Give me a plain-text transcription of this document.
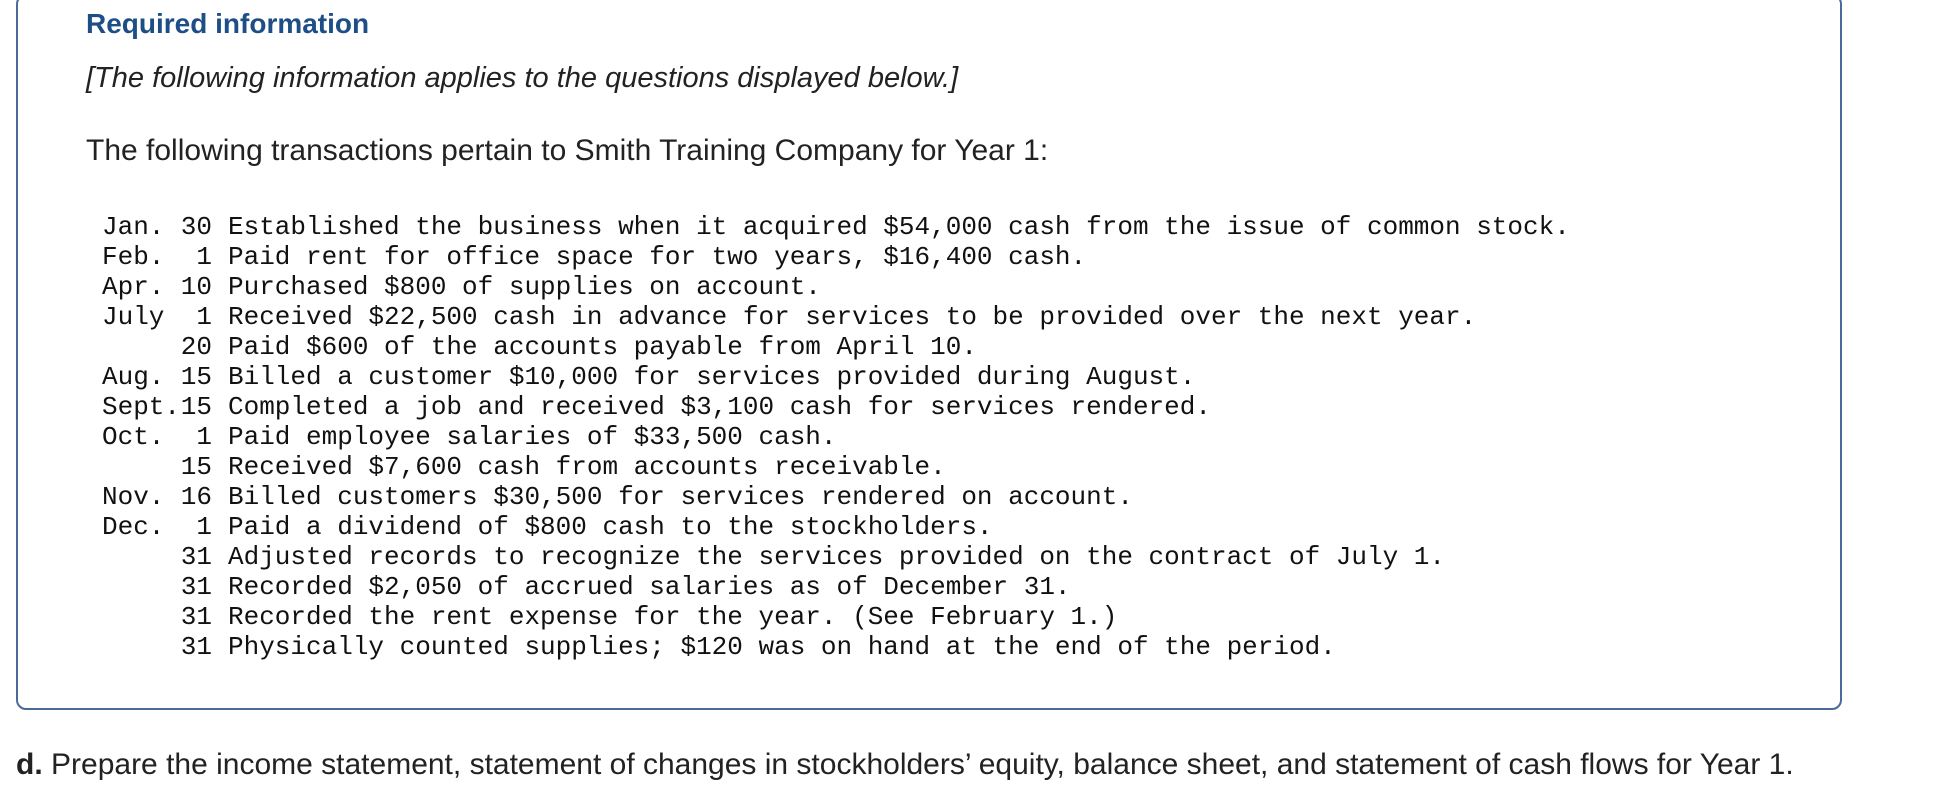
Required information

[The following information applies to the questions displayed below.]

The following transactions pertain to Smith Training Company for Year 1:

Jan. 30 Established the business when it acquired $54,000 cash from the issue of common stock.
Feb. 1 Paid rent for office space for two years, $16,400 cash.
Apr. 10 Purchased $800 of supplies on account.
July 1 Received $22,500 cash in advance for services to be provided over the next year.
20 Paid $600 of the accounts payable from April 10.
Aug. 15 Billed a customer $10,000 for services provided during August.
Sept.15 Completed a job and received $3,100 cash for services rendered.
Oct. 1 Paid employee salaries of $33,500 cash.
15 Received $7,600 cash from accounts receivable.
Nov. 16 Billed customers $30,500 for services rendered on account.
Dec. 1 Paid a dividend of $800 cash to the stockholders.
31 Adjusted records to recognize the services provided on the contract of July 1.
31 Recorded $2,050 of accrued salaries as of December 31.
31 Recorded the rent expense for the year. (See February 1.)
31 Physically counted supplies; $120 was on hand at the end of the period.

d. Prepare the income statement, statement of changes in stockholders’ equity, balance sheet, and statement of cash flows for Year 1.
